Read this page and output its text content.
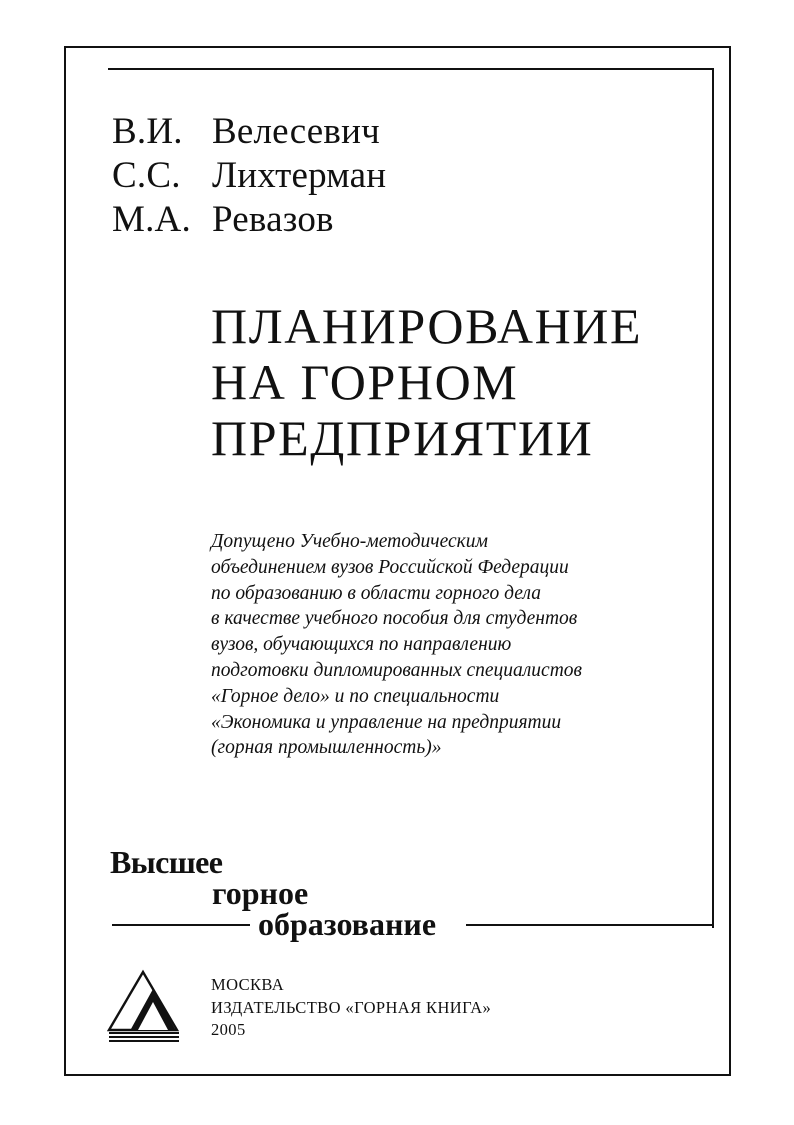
В.И. Велесевич
С.С. Лихтерман
М.А. Ревазов
ПЛАНИРОВАНИЕ
НА ГОРНОМ
ПРЕДПРИЯТИИ
Допущено Учебно-методическим
объединением вузов Российской Федерации
по образованию в области горного дела
в качестве учебного пособия для студентов
вузов, обучающихся по направлению
подготовки дипломированных специалистов
«Горное дело» и по специальности
«Экономика и управление на предприятии
(горная промышленность)»
Высшее
горное
образование
МОСКВА
ИЗДАТЕЛЬСТВО «ГОРНАЯ КНИГА»
2005
